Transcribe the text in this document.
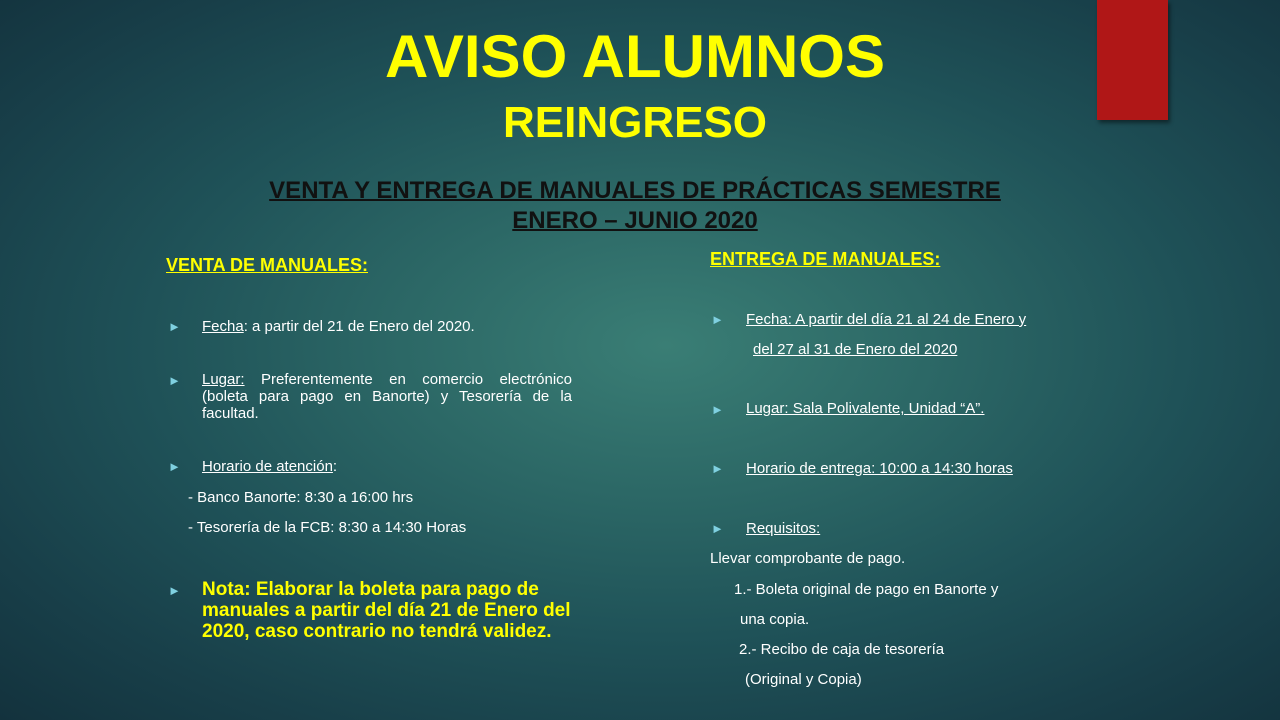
AVISO ALUMNOS
REINGRESO
VENTA Y ENTREGA DE MANUALES DE PRÁCTICAS SEMESTRE
ENERO – JUNIO 2020
VENTA DE MANUALES:
► Fecha: a partir del 21 de Enero del 2020.

► Lugar: Preferentemente en comercio electrónico (boleta para pago en Banorte) y Tesorería de la facultad.

► Horario de atención:

- Banco Banorte: 8:30 a 16:00 hrs

- Tesorería de la FCB: 8:30 a 14:30 Horas

► Nota: Elaborar la boleta para pago de manuales a partir del día 21 de Enero del 2020, caso contrario no tendrá validez.

ENTREGA DE MANUALES:
► Fecha: A partir del día 21 al 24 de Enero y

del 27 al 31 de Enero del 2020

► Lugar: Sala Polivalente, Unidad “A”.

► Horario de entrega: 10:00 a 14:30 horas

► Requisitos:

Llevar comprobante de pago.

1.- Boleta original de pago en Banorte y

una copia.

2.- Recibo de caja de tesorería

(Original y Copia)
